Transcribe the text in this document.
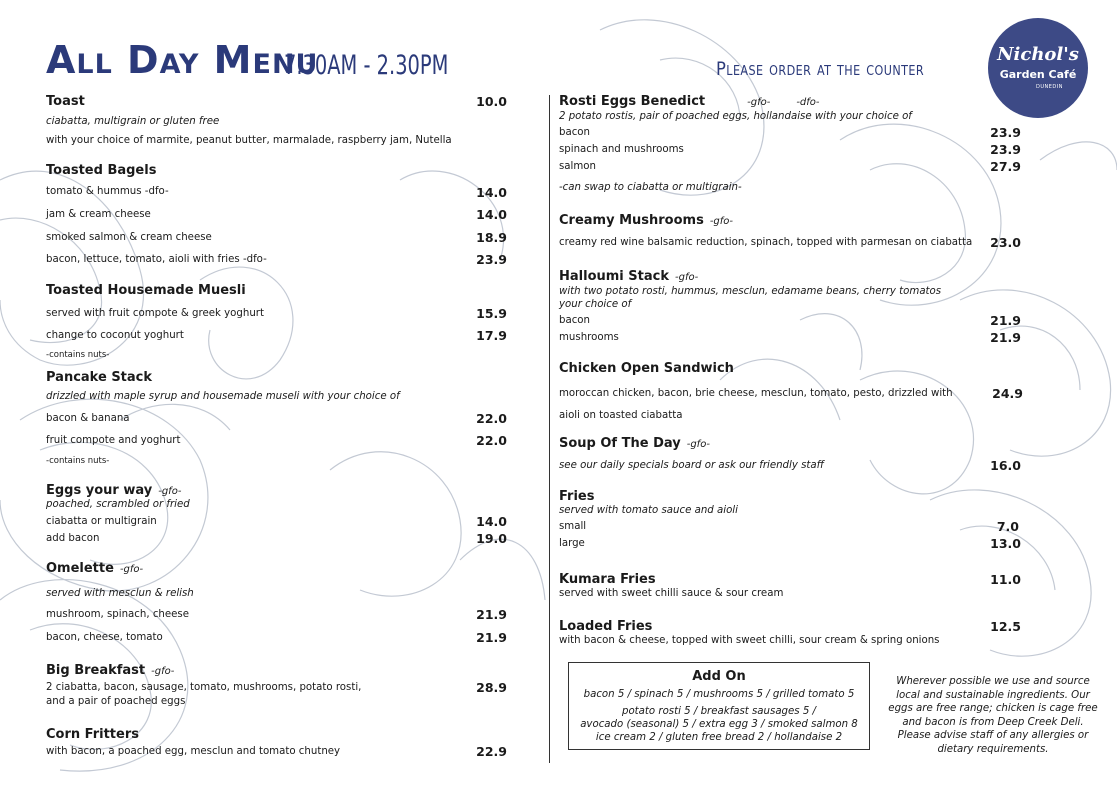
All Day Menu
7.30AM - 2.30PM	Please order at the counter
Nichol's
Garden Café
DUNEDIN
Toast	10.0
ciabatta, multigrain or gluten free
with your choice of marmite, peanut butter, marmalade, raspberry jam, Nutella
Toasted Bagels
tomato & hummus -dfo-	14.0
jam & cream cheese	14.0
smoked salmon & cream cheese	18.9
bacon, lettuce, tomato, aioli with fries -dfo-	23.9
Toasted Housemade Muesli
served with fruit compote & greek yoghurt	15.9
change to coconut yoghurt	17.9
-contains nuts-
Pancake Stack
drizzled with maple syrup and housemade museli with your choice of
bacon & banana	22.0
fruit compote and yoghurt	22.0
-contains nuts-
Eggs your way -gfo-
poached, scrambled or fried
ciabatta or multigrain	14.0
add bacon	19.0
Omelette -gfo-
served with mesclun & relish
mushroom, spinach, cheese	21.9
bacon, cheese, tomato	21.9
Big Breakfast -gfo-
2 ciabatta, bacon, sausage, tomato, mushrooms, potato rosti,	28.9
and a pair of poached eggs
Corn Fritters
with bacon, a poached egg, mesclun and tomato chutney	22.9
Rosti Eggs Benedict	-gfo-	-dfo-
2 potato rostis, pair of poached eggs, hollandaise with your choice of
bacon	23.9
spinach and mushrooms	23.9
salmon	27.9
-can swap to ciabatta or multigrain-
Creamy Mushrooms -gfo-
creamy red wine balsamic reduction, spinach, topped with parmesan on ciabatta	23.0
Halloumi Stack -gfo-
with two potato rosti, hummus, mesclun, edamame beans, cherry tomatos
your choice of
bacon	21.9
mushrooms	21.9
Chicken Open Sandwich
moroccan chicken, bacon, brie cheese, mesclun, tomato, pesto, drizzled with	24.9
aioli on toasted ciabatta
Soup Of The Day -gfo-
see our daily specials board or ask our friendly staff	16.0
Fries
served with tomato sauce and aioli
small	7.0
large	13.0
Kumara Fries	11.0
served with sweet chilli sauce & sour cream
Loaded Fries	12.5
with bacon & cheese, topped with sweet chilli, sour cream & spring onions
Add On
bacon 5 / spinach 5 / mushrooms 5 / grilled tomato 5
potato rosti 5 / breakfast sausages 5 /
avocado (seasonal) 5 / extra egg 3 / smoked salmon 8
ice cream 2 / gluten free bread 2 / hollandaise 2
Wherever possible we use and source
local and sustainable ingredients. Our
eggs are free range; chicken is cage free
and bacon is from Deep Creek Deli.
Please advise staff of any allergies or
dietary requirements.
